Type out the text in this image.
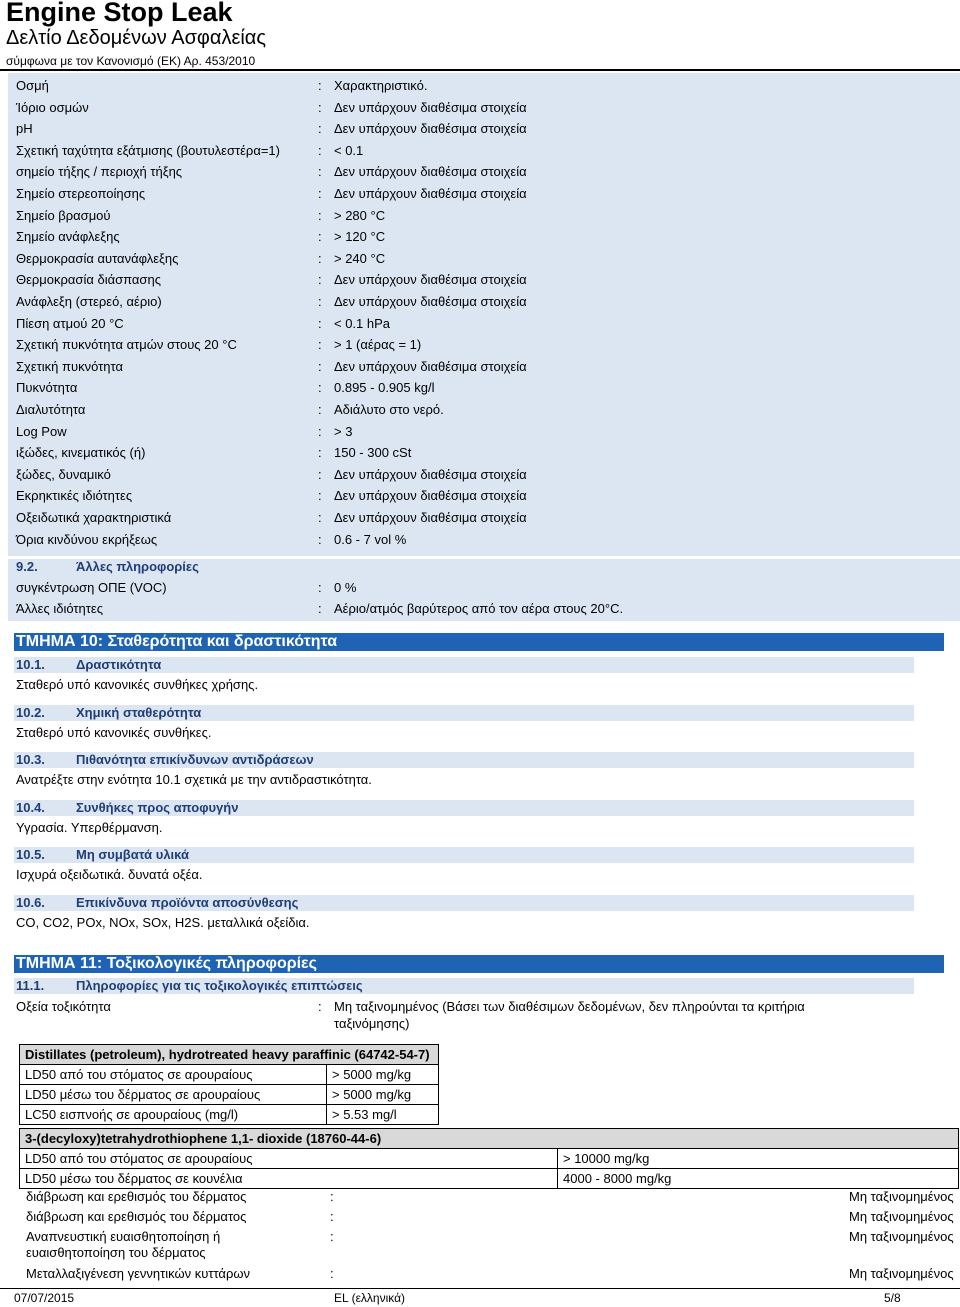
Engine Stop Leak
Δελτίο Δεδομένων Ασφαλείας
σύμφωνα με τον Κανονισμό (ΕΚ) Αρ. 453/2010
Οσμή	: Χαρακτηριστικό.
Ίόριο οσμών	: Δεν υπάρχουν διαθέσιμα στοιχεία
pH	: Δεν υπάρχουν διαθέσιμα στοιχεία
Σχετική ταχύτητα εξάτμισης (βουτυλεστέρα=1)	: < 0.1
σημείο τήξης / περιοχή τήξης	: Δεν υπάρχουν διαθέσιμα στοιχεία
Σημείο στερεοποίησης	: Δεν υπάρχουν διαθέσιμα στοιχεία
Σημείο βρασμού	: > 280 °C
Σημείο ανάφλεξης	: > 120 °C
Θερμοκρασία αυτανάφλεξης	: > 240 °C
Θερμοκρασία διάσπασης	: Δεν υπάρχουν διαθέσιμα στοιχεία
Ανάφλεξη (στερεό, αέριο)	: Δεν υπάρχουν διαθέσιμα στοιχεία
Πίεση ατμού 20 °C	: < 0.1 hPa
Σχετική πυκνότητα ατμών στους 20 °C	: > 1 (αέρας = 1)
Σχετική πυκνότητα	: Δεν υπάρχουν διαθέσιμα στοιχεία
Πυκνότητα	: 0.895 - 0.905 kg/l
Διαλυτότητα	: Αδιάλυτο στο νερό.
Log Pow	: > 3
ιξώδες, κινεματικός (ή)	: 150 - 300 cSt
ξώδες, δυναμικό	: Δεν υπάρχουν διαθέσιμα στοιχεία
Εκρηκτικές ιδιότητες	: Δεν υπάρχουν διαθέσιμα στοιχεία
Οξειδωτικά χαρακτηριστικά	: Δεν υπάρχουν διαθέσιμα στοιχεία
Όρια κινδύνου εκρήξεως	: 0.6 - 7 vol %
9.2.	Άλλες πληροφορίες
συγκέντρωση ΟΠΕ (VOC)	: 0 %
Άλλες ιδιότητες	: Αέριο/ατμός βαρύτερος από τον αέρα στους 20°C.
ΤΜΗΜΑ 10: Σταθερότητα και δραστικότητα
10.1. Δραστικότητα
Σταθερό υπό κανονικές συνθήκες χρήσης.
10.2. Χημική σταθερότητα
Σταθερό υπό κανονικές συνθήκες.
10.3. Πιθανότητα επικίνδυνων αντιδράσεων
Ανατρέξτε στην ενότητα 10.1 σχετικά με την αντιδραστικότητα.
10.4. Συνθήκες προς αποφυγήν
Υγρασία. Υπερθέρμανση.
10.5. Μη συμβατά υλικά
Ισχυρά οξειδωτικά. δυνατά οξέα.
10.6. Επικίνδυνα προϊόντα αποσύνθεσης
CO, CO2, POx, NOx, SOx, H2S. μεταλλικά οξείδια.
ΤΜΗΜΑ 11: Τοξικολογικές πληροφορίες
11.1. Πληροφορίες για τις τοξικολογικές επιπτώσεις
Οξεία τοξικότητα	: Μη ταξινομημένος (Βάσει των διαθέσιμων δεδομένων, δεν πληρούνται τα κριτήρια
ταξινόμησης)
Distillates (petroleum), hydrotreated heavy paraffinic (64742-54-7)	
LD50 από του στόματος σε αρουραίους	> 5000 mg/kg
LD50 μέσω του δέρματος σε αρουραίους	> 5000 mg/kg
LC50 εισπνοής σε αρουραίους (mg/l)	> 5.53 mg/l
3-(decyloxy)tetrahydrothiophene 1,1- dioxide (18760-44-6)	
LD50 από του στόματος σε αρουραίους	> 10000 mg/kg
LD50 μέσω του δέρματος σε κουνέλια	4000 - 8000 mg/kg
διάβρωση και ερεθισμός του δέρματος	:	Μη ταξινομημένος
διάβρωση και ερεθισμός του δέρματος	:	Μη ταξινομημένος
Αναπνευστική ευαισθητοποίηση ή
ευαισθητοποίηση του δέρματος
:	Μη ταξινομημένος
Μεταλλαξιγένεση γεννητικών κυττάρων	:	Μη ταξινομημένος
07/07/2015	EL (ελληνικά)	5/8
